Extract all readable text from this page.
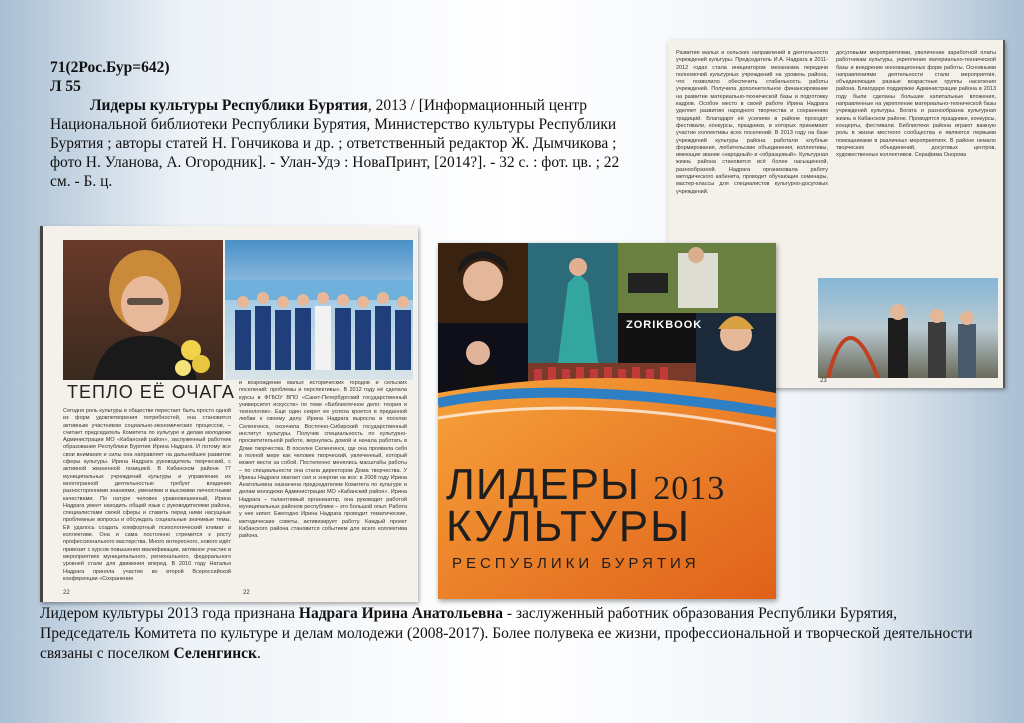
71(2Рос.Бур=642)
Л 55
Лидеры культуры Республики Бурятия, 2013 / [Информационный центр Национальной библиотеки Республики Бурятия, Министерство культуры Республики Бурятия ; авторы статей Н. Гончикова и др. ; ответственный редактор Ж. Дымчикова ; фото Н. Уланова, А. Огородник]. - Улан-Удэ : НоваПринт, [2014?]. - 32 с. : фот. цв. ; 22 см. - Б. ц.
ТЕПЛО ЕЁ ОЧАГА
Сегодня роль культуры в обществе перестает быть просто одной из форм удовлетворения потребностей, она становится активным участником социально-экономических процессов, – считает председатель Комитета по культуре и делам молодежи Администрации МО «Кабанский район», заслуженный работник образования Республики Бурятия Ирина Надрага. И потому все свои внимания и силы она направляет на дальнейшее развитие сферы культуры. Ирина Надрага руководитель творческий, с активной жизненной позицией. В Кабанском районе 77 муниципальных учреждений культуры и управление их многогранной деятельностью требует владения разносторонними знаниями, умениями и высокими личностными качествами. По натуре человек уравновешенный, Ирина Надрага умеет находить общий язык с руководителями района, специалистами своей сферы и ставить перед ними насущные проблемные вопросы и обсуждать социальные значимые темы. Ей удалось создать комфортный психологический климат в коллективе. Она и сама постоянно стремится к росту профессионального мастерства. Много интересного, нового идёт привозит с курсов повышения квалификации, активное участие в мероприятиях муниципального, регионального, федерального уровней стали для движения вперед. В 2010 году Наталья Надрага приняла участие во второй Всероссийской конференции «Сохранение
и возрождение малых исторических городов и сельских поселений: проблемы и перспективы». В 2012 году её сделала курсы в ФГБОУ ВПО «Санкт-Петербургский государственный университет искусств» по теме «Библиотечное дело: теория и технологии». Еще один секрет ее успеха кроется в преданной любви к своему делу. Ирина Надрага выросла в поселке Селенгинск, окончила Восточно-Сибирский государственный институт культуры. Получив специальность по культурно-просветительной работе, вернулась домой и начала работать в Доме творчества. В поселке Селенгинск, где она проявила себя в полной мере как человек творческий, увлеченный, который может вести за собой. Постепенно менялись масштабы работы – по специальности она стала директором Дома творчества. У Ирины Надраги хватает сил и энергии на все: в 2008 году Ирина Анатольевна назначена председателем Комитета по культуре и делам молодежи Администрации МО «Кабанский район». Ирина Надрага – талантливый организатор, она руководит работой муниципальных районов республики – это большой опыт. Работа у нее кипит. Ежегодно Ирина Надрага проводит тематические, методические советы, активизирует работу. Каждый проект Кабанского района становится событием для всего коллектива района.
22	22
Развитие малых и сельских направлений в деятельности учреждений культуры. Председатель И.А. Надрага в 2011-2012 годах стала инициатором механизма передачи полномочий культурных учреждений на уровень района, что позволило обеспечить стабильность работы учреждений. Получила дополнительное финансирование на развитие материально-технической базы и подготовку кадров. Особое место в своей работе Ирина Надрага уделяет развитию народного творчества и сохранению традиций. Благодаря её усилиям в районе проходят фестивали, конкурсы, праздники, в которых принимают участие коллективы всех поселений. В 2013 году на базе учреждений культуры района работали клубные формирования, любительские объединения, коллективы, имеющие звание «народный» и «образцовый». Культурная жизнь района становится всё более насыщенной, разнообразной. Надрага организовала работу методического кабинета, проводит обучающие семинары, мастер-классы для специалистов культурно-досуговых учреждений.
досуговыми мероприятиями, увеличение заработной платы работникам культуры, укрепление материально-технической базы и внедрение инновационных форм работы. Основными направлениями деятельности стали мероприятия, объединяющие разные возрастные группы населения района. Благодаря поддержке Администрации района в 2013 году были сделаны большие капитальные вложения, направленные на укрепление материально-технической базы учреждений культуры. Богата и разнообразна культурная жизнь в Кабанском районе. Проводятся праздники, конкурсы, концерты, фестивали. Библиотеки района играют важную роль в жизни местного сообщества и являются первыми помощниками в различных мероприятиях. В районе немало творческих объединений, досуговых центров, художественных коллективов. Серафима Онорова
23
ZORIKBOOK
ЛИДЕРЫ 2013
КУЛЬТУРЫ
РЕСПУБЛИКИ БУРЯТИЯ
Лидером культуры 2013 года признана Надрага Ирина Анатольевна - заслуженный работник образования Республики Бурятия, Председатель Комитета по культуре и делам молодежи (2008-2017). Более полувека ее жизни, профессиональной и творческой деятельности связаны с поселком Селенгинск.
